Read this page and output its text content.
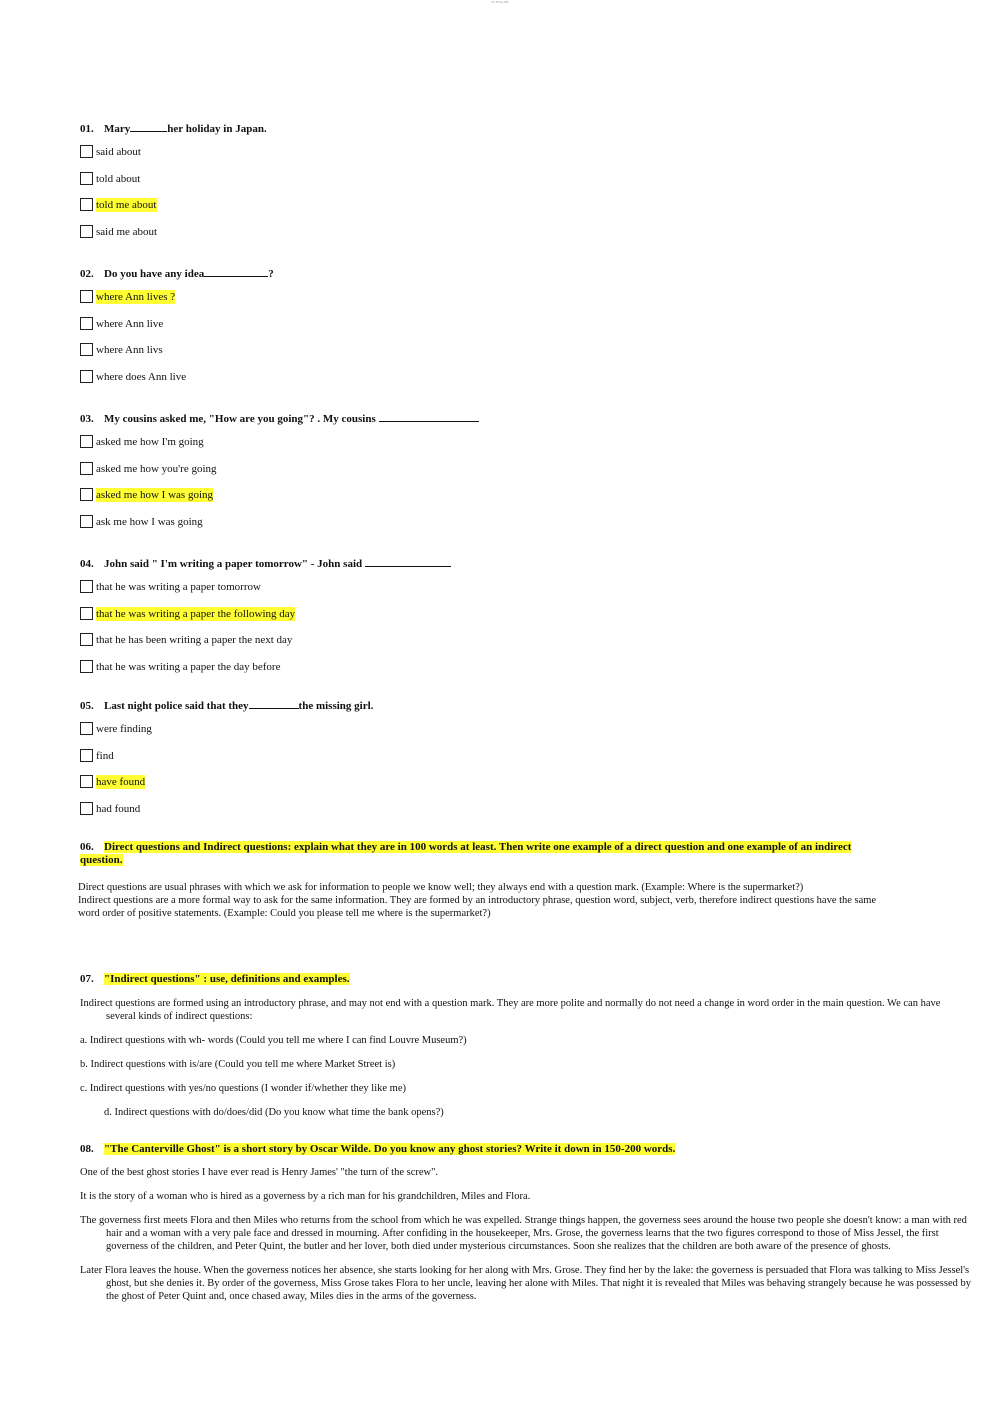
B1 ENGLISH
01. Mary	her holiday in Japan.
said about
told about
told me about
said me about
02. Do you have any idea	?
where Ann lives ?
where Ann live
where Ann livs
where does Ann live
03. My cousins asked me, "How are you going"? . My cousins
asked me how I'm going
asked me how you're going
asked me how I was going
ask me how I was going
04. John said " I'm writing a paper tomorrow" - John said
that he was writing a paper tomorrow
that he was writing a paper the following day
that he has been writing a paper the next day
that he was writing a paper the day before
05. Last night police said that they	the missing girl.
were finding
find
have found
had found
06. Direct questions and Indirect questions: explain what they are in 100 words at least. Then write one example of a direct question and one example of an indirect question.
Direct questions are usual phrases with which we ask for information to people we know well; they always end with a question mark. (Example: Where is the supermarket?)
Indirect questions are a more formal way to ask for the same information. They are formed by an introductory phrase, question word, subject, verb, therefore indirect questions have the same word order of positive statements. (Example: Could you please tell me where is the supermarket?)
07. "Indirect questions" : use, definitions and examples.
Indirect questions are formed using an introductory phrase, and may not end with a question mark. They are more polite and normally do not need a change in word order in the main question. We can have several kinds of indirect questions:
a. Indirect questions with wh- words (Could you tell me where I can find Louvre Museum?)
b. Indirect questions with is/are (Could you tell me where Market Street is)
c. Indirect questions with yes/no questions (I wonder if/whether they like me)
d. Indirect questions with do/does/did (Do you know what time the bank opens?)
08. "The Canterville Ghost" is a short story by Oscar Wilde. Do you know any ghost stories? Write it down in 150-200 words.
One of the best ghost stories I have ever read is Henry James' "the turn of the screw".
It is the story of a woman who is hired as a governess by a rich man for his grandchildren, Miles and Flora.
The governess first meets Flora and then Miles who returns from the school from which he was expelled. Strange things happen, the governess sees around the house two people she doesn't know: a man with red hair and a woman with a very pale face and dressed in mourning. After confiding in the housekeeper, Mrs. Grose, the governess learns that the two figures correspond to those of Miss Jessel, the first governess of the children, and Peter Quint, the butler and her lover, both died under mysterious circumstances. Soon she realizes that the children are both aware of the presence of ghosts.
Later Flora leaves the house. When the governess notices her absence, she starts looking for her along with Mrs. Grose. They find her by the lake: the governess is persuaded that Flora was talking to Miss Jessel's ghost, but she denies it. By order of the governess, Miss Grose takes Flora to her uncle, leaving her alone with Miles. That night it is revealed that Miles was behaving strangely because he was possessed by the ghost of Peter Quint and, once chased away, Miles dies in the arms of the governess.
